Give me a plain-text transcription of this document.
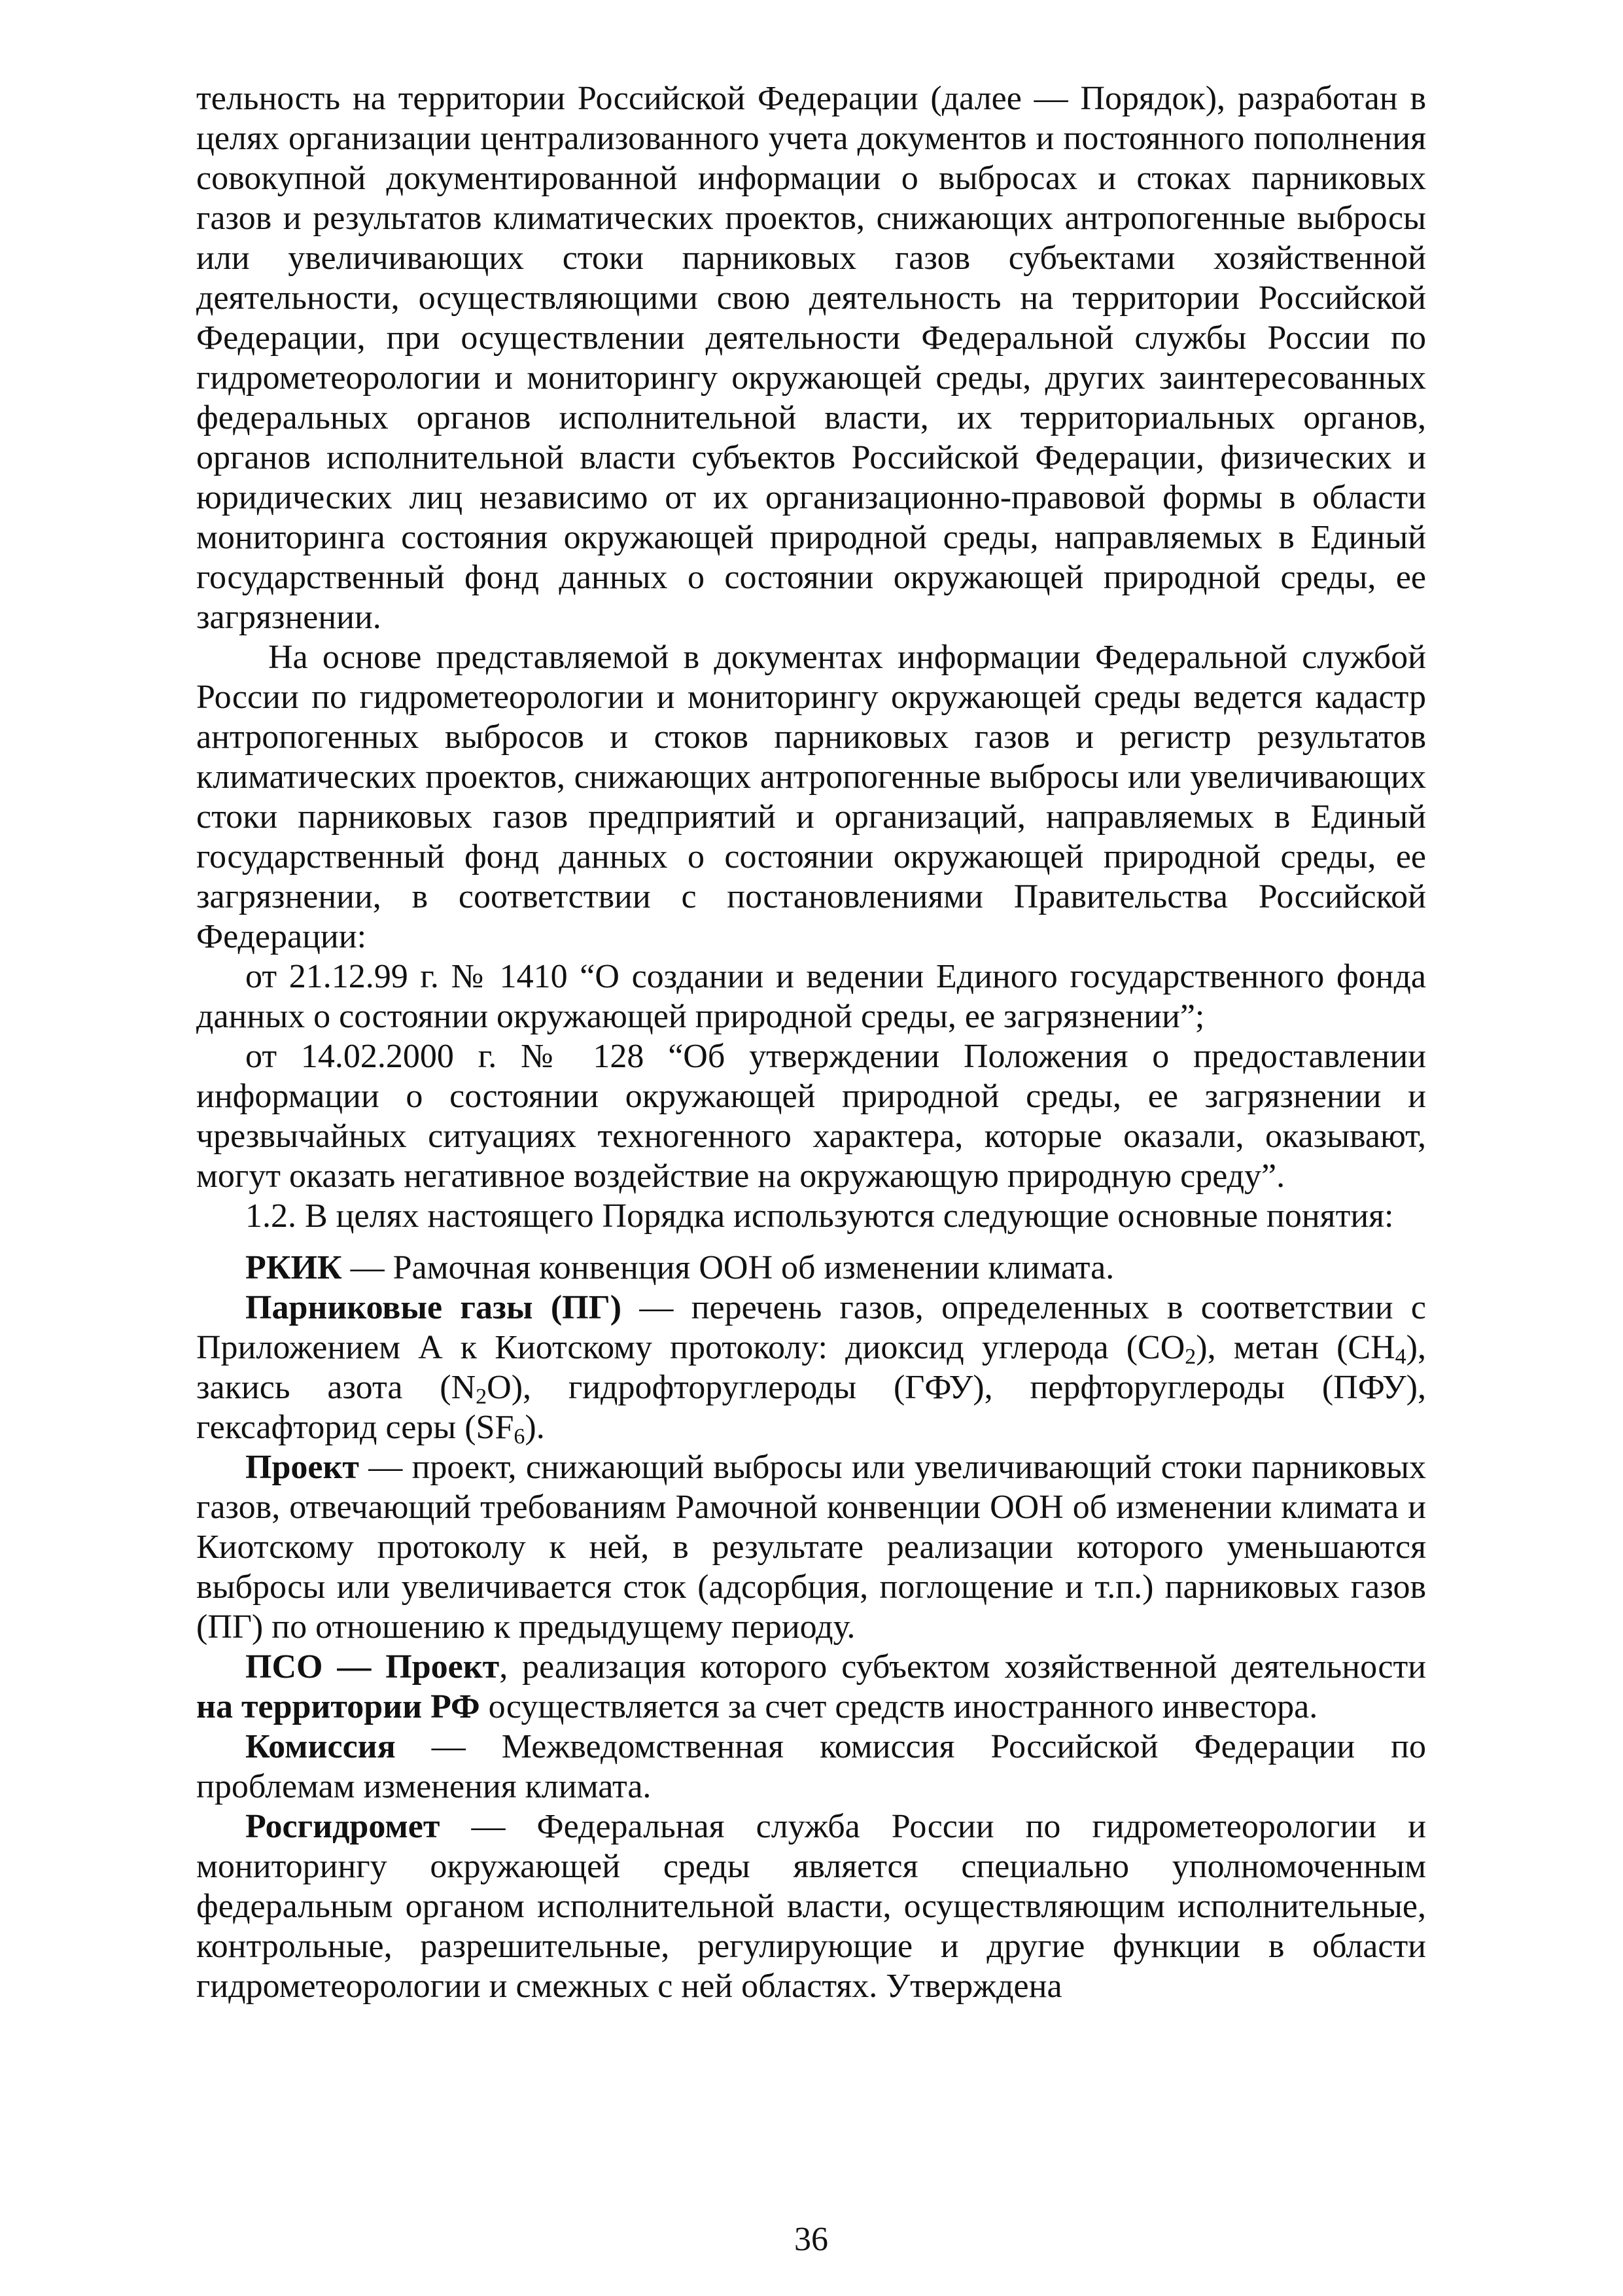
тельность на территории Российской Федерации (далее — Порядок), разработан в целях организации централизованного учета документов и постоянного пополнения совокупной документированной информации о выбросах и стоках парниковых газов и результатов климатических проектов, снижающих антропогенные выбросы или увеличивающих стоки парниковых газов субъектами хозяйственной деятельности, осуществляющими свою деятельность на территории Российской Федерации, при осуществлении деятельности Федеральной службы России по гидрометеорологии и мониторингу окружающей среды, других заинтересованных федеральных органов исполнительной власти, их территориальных органов, органов исполнительной власти субъектов Российской Федерации, физических и юридических лиц независимо от их организационно-правовой формы в области мониторинга состояния окружающей природной среды, направляемых в Единый государственный фонд данных о состоянии окружающей природной среды, ее загрязнении.

На основе представляемой в документах информации Федеральной службой России по гидрометеорологии и мониторингу окружающей среды ведется кадастр антропогенных выбросов и стоков парниковых газов и регистр результатов климатических проектов, снижающих антропогенные выбросы или увеличивающих стоки парниковых газов предприятий и организаций, направляемых в Единый государственный фонд данных о состоянии окружающей природной среды, ее загрязнении, в соответствии с постановлениями Правительства Российской Федерации:

от 21.12.99 г. № 1410 “О создании и ведении Единого государственного фонда данных о состоянии окружающей природной среды, ее загрязнении”;

от 14.02.2000 г. № 128 “Об утверждении Положения о предоставлении информации о состоянии окружающей природной среды, ее загрязнении и чрезвычайных ситуациях техногенного характера, которые оказали, оказывают, могут оказать негативное воздействие на окружающую природную среду”.

1.2. В целях настоящего Порядка используются следующие основные понятия:

РКИК — Рамочная конвенция ООН об изменении климата.

Парниковые газы (ПГ) — перечень газов, определенных в соответствии с Приложением А к Киотскому протоколу: диоксид углерода $(CO_2)$, метан $(CH_4)$, закись азота $(N_2O)$, гидрофторуглероды (ГФУ), перфторуглероды (ПФУ), гексафторид серы $(SF_6)$.

Проект — проект, снижающий выбросы или увеличивающий стоки парниковых газов, отвечающий требованиям Рамочной конвенции ООН об изменении климата и Киотскому протоколу к ней, в результате реализации которого уменьшаются выбросы или увеличивается сток (адсорбция, поглощение и т.п.) парниковых газов (ПГ) по отношению к предыдущему периоду.

ПСО — Проект, реализация которого субъектом хозяйственной деятельности на территории РФ осуществляется за счет средств иностранного инвестора.

Комиссия — Межведомственная комиссия Российской Федерации по проблемам изменения климата.

Росгидромет — Федеральная служба России по гидрометеорологии и мониторингу окружающей среды является специально уполномоченным федеральным органом исполнительной власти, осуществляющим исполнительные, контрольные, разрешительные, регулирующие и другие функции в области гидрометеорологии и смежных с ней областях. Утверждена

36
